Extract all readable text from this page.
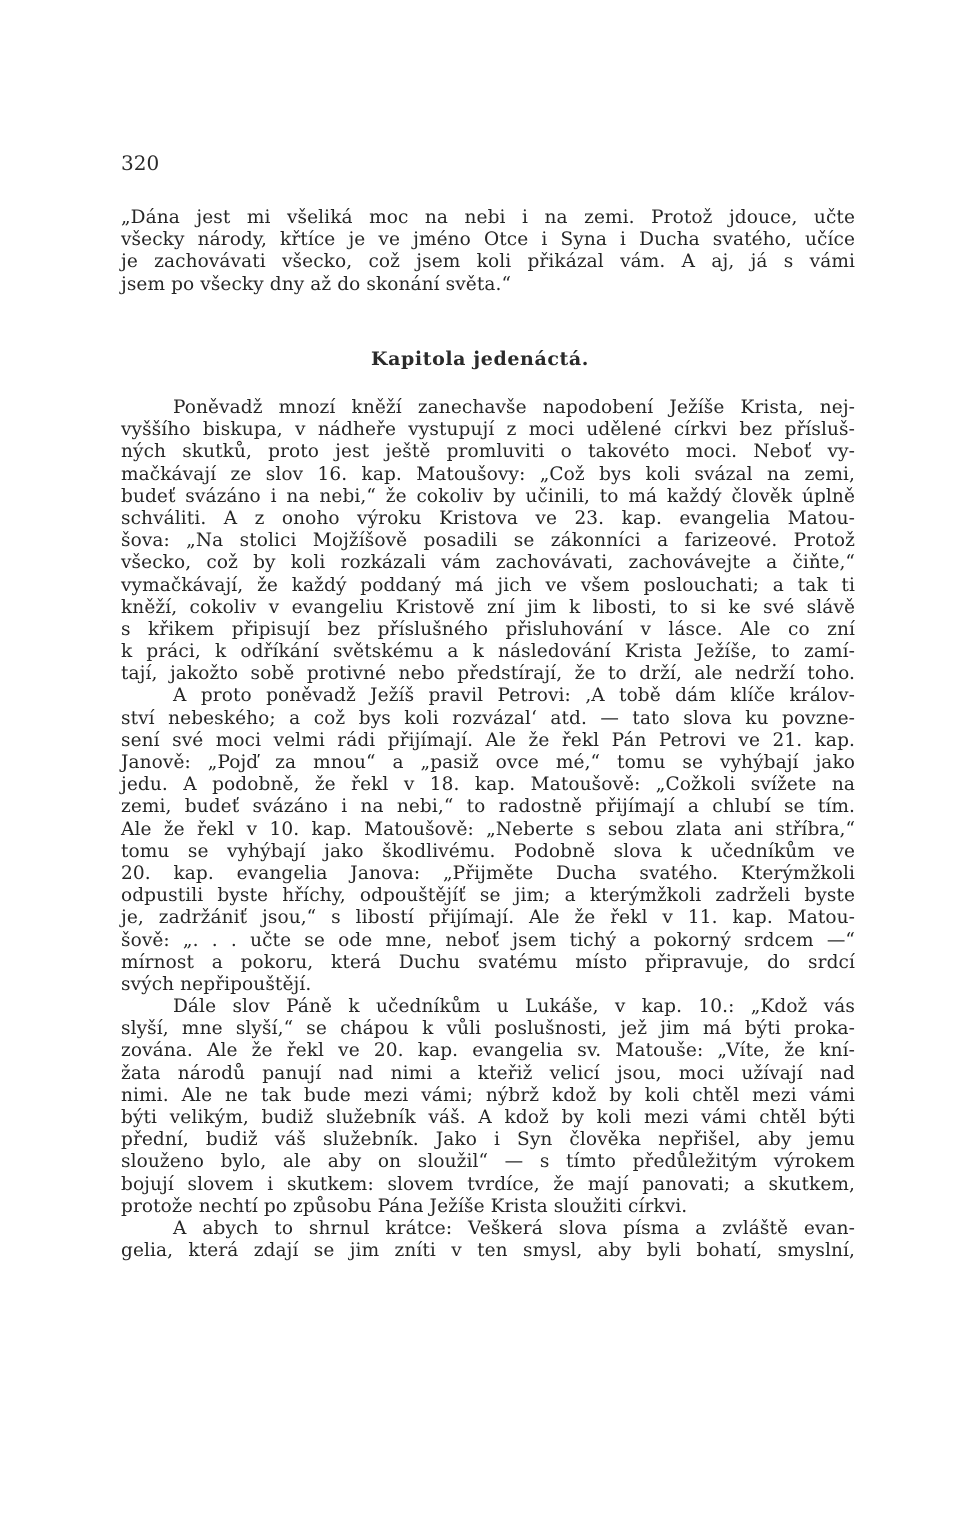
320
„Dána jest mi všeliká moc na nebi i na zemi. Protož jdouce, učte
všecky národy, křtíce je ve jméno Otce i Syna i Ducha svatého, učíce
je zachovávati všecko, což jsem koli přikázal vám. A aj, já s vámi
jsem po všecky dny až do skonání světa.“
Kapitola jedenáctá.
Poněvadž mnozí kněží zanechavše napodobení Ježíše Krista, nej-
vyššího biskupa, v nádheře vystupují z moci udělené církvi bez přísluš-
ných skutků, proto jest ještě promluviti o takovéto moci. Neboť vy-
mačkávají ze slov 16. kap. Matoušovy: „Což bys koli svázal na zemi,
budeť svázáno i na nebi,“ že cokoliv by učinili, to má každý člověk úplně
schváliti. A z onoho výroku Kristova ve 23. kap. evangelia Matou-
šova: „Na stolici Mojžíšově posadili se zákonníci a farizeové. Protož
všecko, což by koli rozkázali vám zachovávati, zachovávejte a čiňte,“
vymačkávají, že každý poddaný má jich ve všem poslouchati; a tak ti
kněží, cokoliv v evangeliu Kristově zní jim k libosti, to si ke své slávě
s křikem připisují bez příslušného přisluhování v lásce. Ale co zní
k práci, k odříkání světskému a k následování Krista Ježíše, to zamí-
tají, jakožto sobě protivné nebo předstírají, že to drží, ale nedrží toho.
A proto poněvadž Ježíš pravil Petrovi: ‚A tobě dám klíče králov-
ství nebeského; a což bys koli rozvázal‘ atd. — tato slova ku povzne-
sení své moci velmi rádi přijímají. Ale že řekl Pán Petrovi ve 21. kap.
Janově: „Pojď za mnou“ a „pasiž ovce mé,“ tomu se vyhýbají jako
jedu. A podobně, že řekl v 18. kap. Matoušově: „Cožkoli svížete na
zemi, budeť svázáno i na nebi,“ to radostně přijímají a chlubí se tím.
Ale že řekl v 10. kap. Matoušově: „Neberte s sebou zlata ani stříbra,“
tomu se vyhýbají jako škodlivému. Podobně slova k učedníkům ve
20. kap. evangelia Janova: „Přijměte Ducha svatého. Kterýmžkoli
odpustili byste hříchy, odpouštějíť se jim; a kterýmžkoli zadrželi byste
je, zadržániť jsou,“ s libostí přijímají. Ale že řekl v 11. kap. Matou-
šově: „. . . učte se ode mne, neboť jsem tichý a pokorný srdcem —“
mírnost a pokoru, která Duchu svatému místo připravuje, do srdcí
svých nepřipouštějí.
Dále slov Páně k učedníkům u Lukáše, v kap. 10.: „Kdož vás
slyší, mne slyší,“ se chápou k vůli poslušnosti, jež jim má býti proka-
zována. Ale že řekl ve 20. kap. evangelia sv. Matouše: „Víte, že kní-
žata národů panují nad nimi a kteřiž velicí jsou, moci užívají nad
nimi. Ale ne tak bude mezi vámi; nýbrž kdož by koli chtěl mezi vámi
býti velikým, budiž služebník váš. A kdož by koli mezi vámi chtěl býti
přední, budiž váš služebník. Jako i Syn člověka nepřišel, aby jemu
slouženo bylo, ale aby on sloužil“ — s tímto předůležitým výrokem
bojují slovem i skutkem: slovem tvrdíce, že mají panovati; a skutkem,
protože nechtí po způsobu Pána Ježíše Krista sloužiti církvi.
A abych to shrnul krátce: Veškerá slova písma a zvláště evan-
gelia, která zdají se jim zníti v ten smysl, aby byli bohatí, smyslní,
